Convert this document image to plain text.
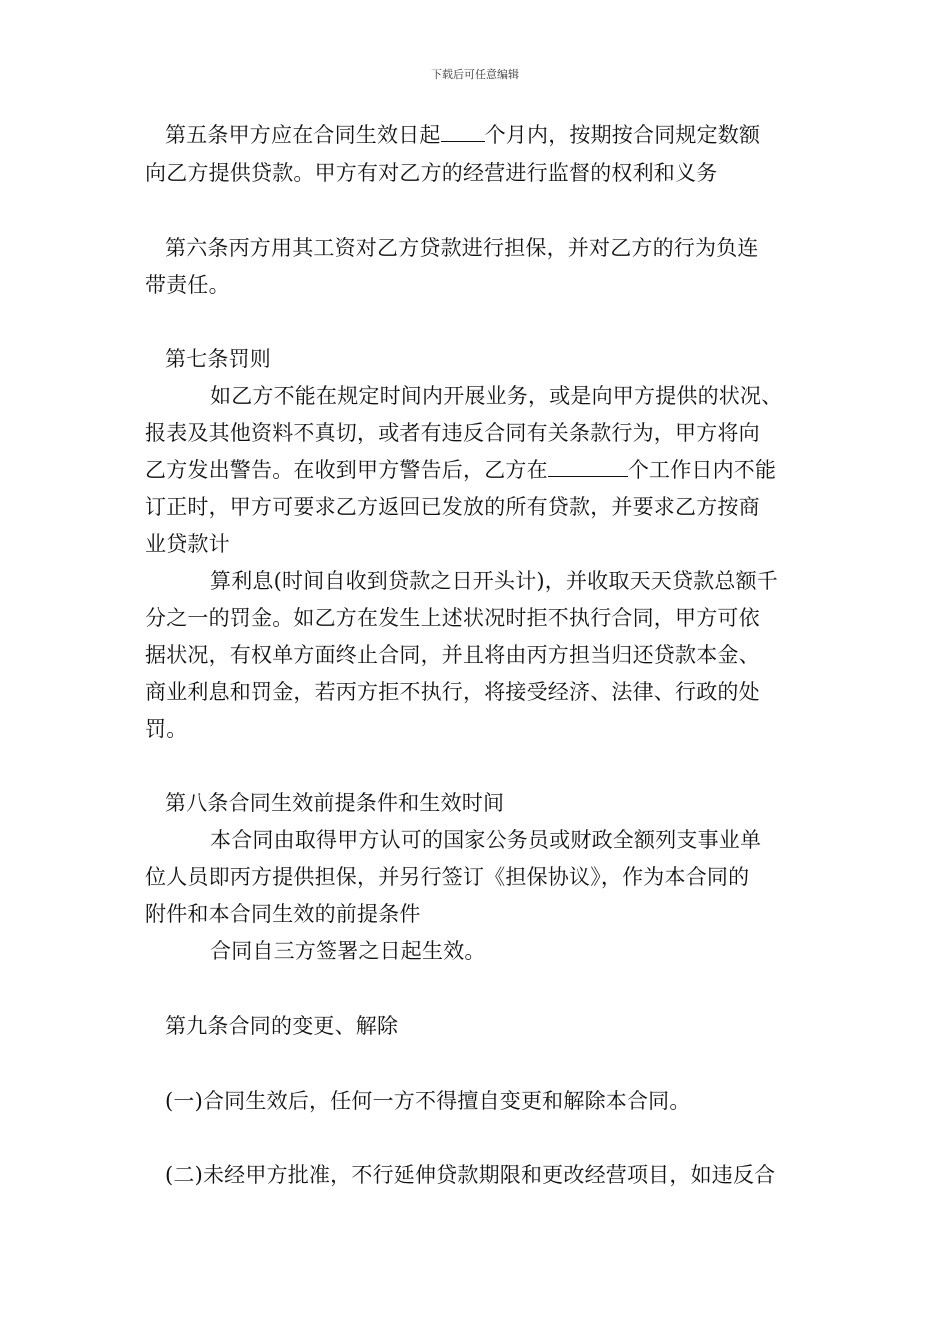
下载后可任意编辑
第五条甲方应在合同生效日起 个月内，按期按合同规定数额
向乙方提供贷款。甲方有对乙方的经营进行监督的权利和义务
第六条丙方用其工资对乙方贷款进行担保，并对乙方的行为负连
带责任。
第七条罚则
如乙方不能在规定时间内开展业务，或是向甲方提供的状况、
报表及其他资料不真切，或者有违反合同有关条款行为，甲方将向
乙方发出警告。在收到甲方警告后，乙方在	个工作日内不能
订正时，甲方可要求乙方返回已发放的所有贷款，并要求乙方按商
业贷款计
算利息(时间自收到贷款之日开头计)，并收取天天贷款总额千
分之一的罚金。如乙方在发生上述状况时拒不执行合同，甲方可依
据状况，有权单方面终止合同，并且将由丙方担当归还贷款本金、
商业利息和罚金，若丙方拒不执行，将接受经济、法律、行政的处
罚。
第八条合同生效前提条件和生效时间
本合同由取得甲方认可的国家公务员或财政全额列支事业单
位人员即丙方提供担保，并另行签订《担保协议》，作为本合同的
附件和本合同生效的前提条件
合同自三方签署之日起生效。
第九条合同的变更、解除
(一)合同生效后，任何一方不得擅自变更和解除本合同。
(二)未经甲方批准，不行延伸贷款期限和更改经营项目，如违反合
